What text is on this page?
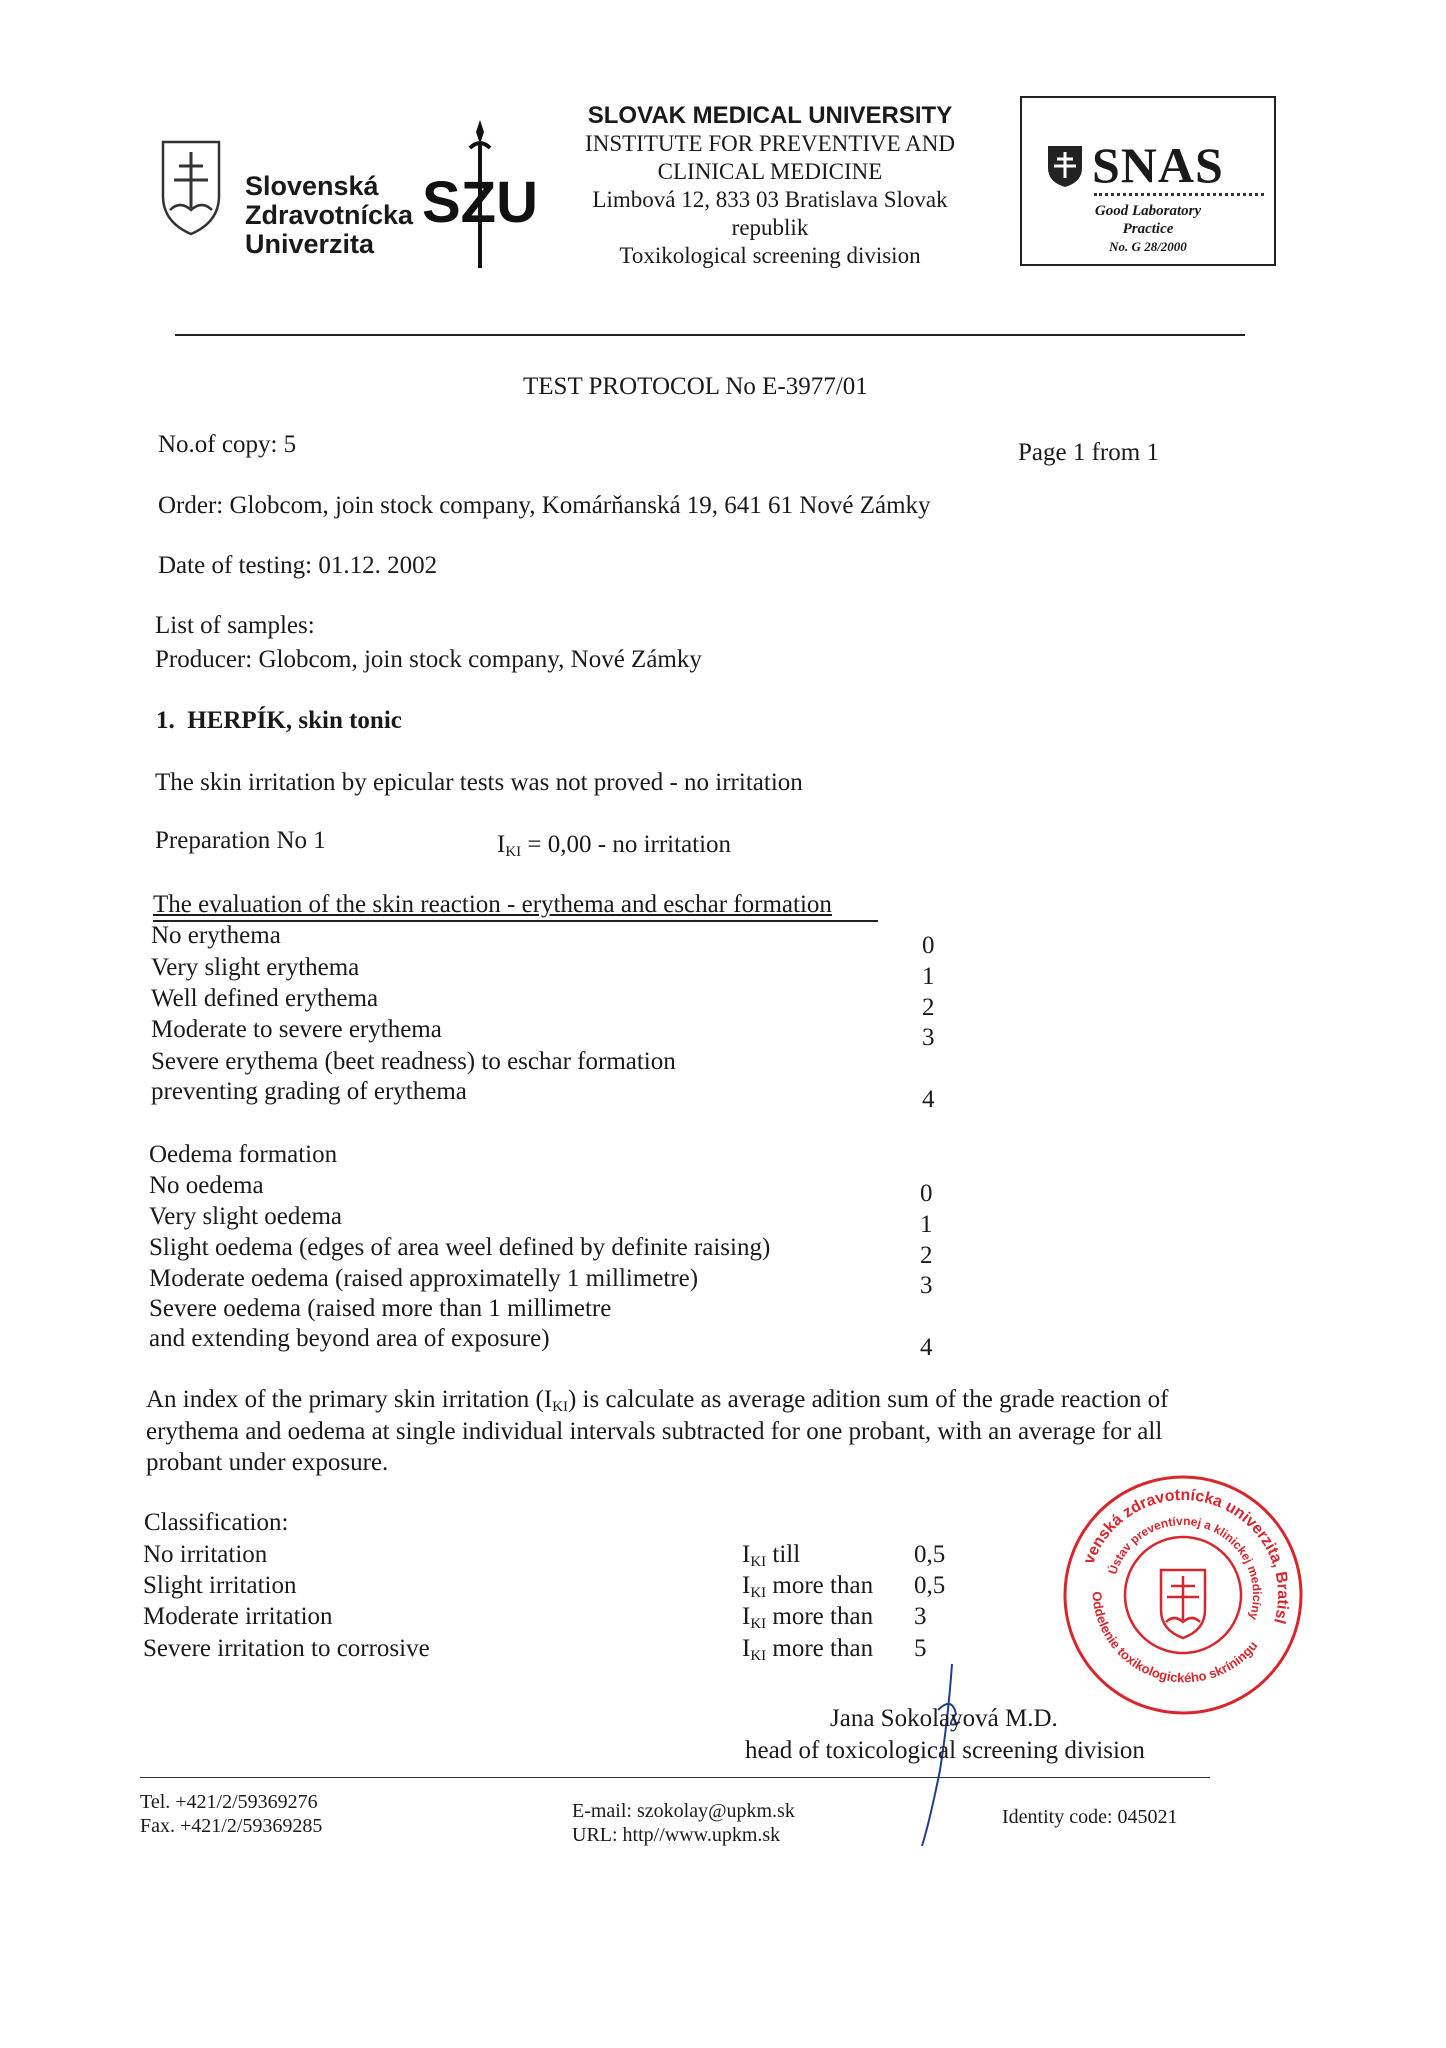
SZU
Slovenská
Zdravotnícka
Univerzita
SLOVAK MEDICAL UNIVERSITY
INSTITUTE FOR PREVENTIVE AND
CLINICAL MEDICINE
Limbová 12, 833 03 Bratislava Slovak
republik
Toxikological screening division
SNAS
Good Laboratory
Practice
No. G 28/2000
TEST PROTOCOL No E-3977/01
No.of copy: 5	Page 1 from 1
Order: Globcom, join stock company, Komárňanská 19, 641 61 Nové Zámky
Date of testing: 01.12. 2002
List of samples:
Producer: Globcom, join stock company, Nové Zámky
1. HERPÍK, skin tonic
The skin irritation by epicular tests was not proved - no irritation
Preparation No 1	$I_{KI} = 0,00$ - no irritation
The evaluation of the skin reaction - erythema and eschar formation
No erythema	0
Very slight erythema	1
Well defined erythema	2
Moderate to severe erythema	3
Severe erythema (beet readness) to eschar formation
preventing grading of erythema	4
Oedema formation
No oedema	0
Very slight oedema	1
Slight oedema (edges of area weel defined by definite raising)	2
Moderate oedema (raised approximatelly 1 millimetre)	3
Severe oedema (raised more than 1 millimetre
and extending beyond area of exposure)	4
An index of the primary skin irritation $(I_{KI})$ is calculate as average adition sum of the grade reaction of
erythema and oedema at single individual intervals subtracted for one probant, with an average for all
probant under exposure.
Classification:
No irritation	$I_{KI}$ till	0,5
Slight irritation	$I_{KI}$ more than 0,5
Moderate irritation	$I_{KI}$ more than 3
Severe irritation to corrosive	$I_{KI}$ more than 5
Slovenská zdravotnícka univerzita, Bratislava
Ústav preventívnej a klinickej medicíny
Oddelenie toxikologického skríningu
Jana Sokolayová M.D.
head of toxicological screening division
Tel. +421/2/59369276
Fax. +421/2/59369285
E-mail: szokolay@upkm.sk
URL: http//www.upkm.sk
Identity code: 045021
